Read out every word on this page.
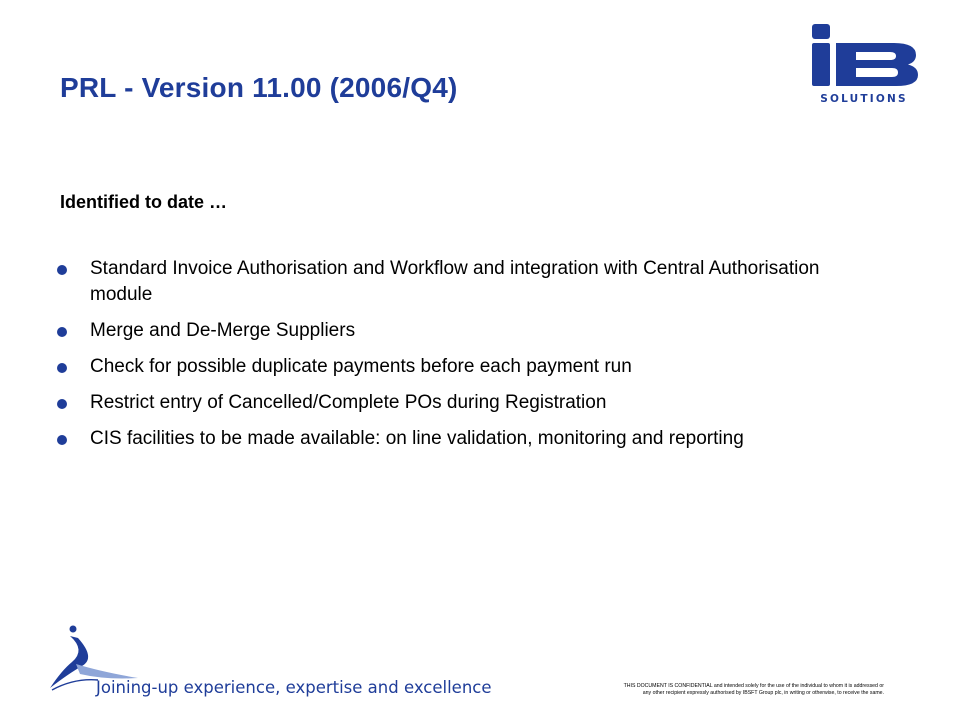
PRL - Version 11.00 (2006/Q4)	SOLUTIONS
Identified to date …
Standard Invoice Authorisation and Workflow and integration with Central Authorisation module
Merge and De-Merge Suppliers
Check for possible duplicate payments before each payment run
Restrict entry of Cancelled/Complete POs during Registration
CIS facilities to be made available: on line validation, monitoring and reporting
Joining-up experience, expertise and excellence	THIS DOCUMENT IS CONFIDENTIAL and intended solely for the use of the individual to whom it is addressed or
any other recipient expressly authorised by IBSFT Group plc, in writing or otherwise, to receive the same.
